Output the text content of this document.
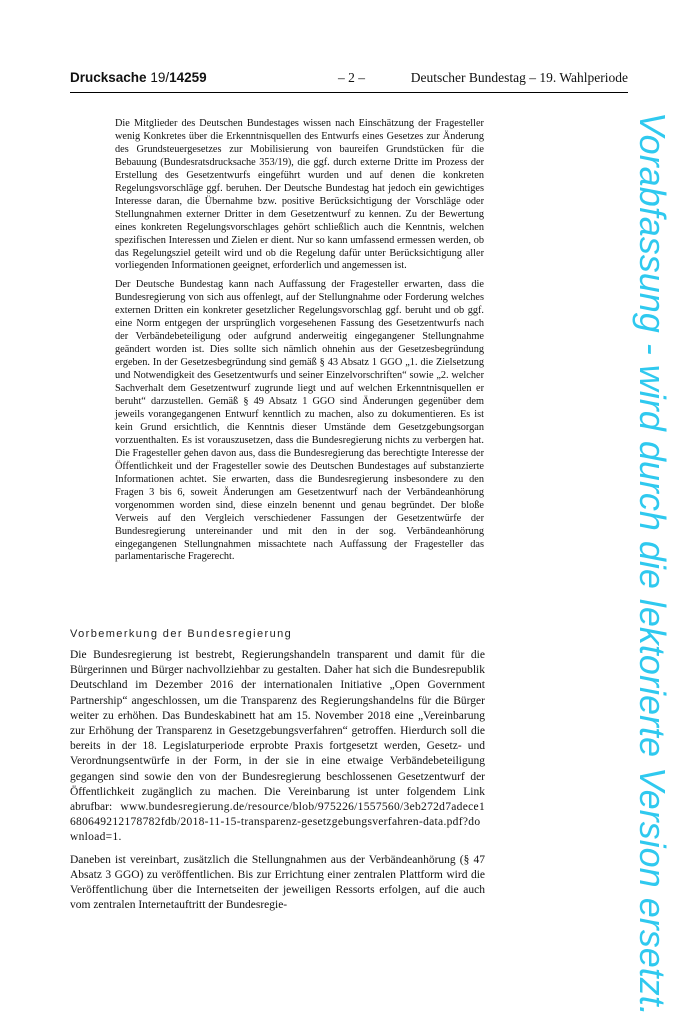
Drucksache 19/14259	– 2 –	Deutscher Bundestag – 19. Wahlperiode

Die Mitglieder des Deutschen Bundestages wissen nach Einschätzung der Fragesteller wenig Konkretes über die Erkenntnisquellen des Entwurfs eines Gesetzes zur Änderung des Grundsteuergesetzes zur Mobilisierung von baureifen Grundstücken für die Bebauung (Bundesratsdrucksache 353/19), die ggf. durch externe Dritte im Prozess der Erstellung des Gesetzentwurfs eingeführt wurden und auf denen die konkreten Regelungsvorschläge ggf. beruhen. Der Deutsche Bundestag hat jedoch ein gewichtiges Interesse daran, die Übernahme bzw. positive Berücksichtigung der Vorschläge oder Stellungnahmen externer Dritter in dem Gesetzentwurf zu kennen. Zu der Bewertung eines konkreten Regelungsvorschlages gehört schließlich auch die Kenntnis, welchen spezifischen Interessen und Zielen er dient. Nur so kann umfassend ermessen werden, ob das Regelungsziel geteilt wird und ob die Regelung dafür unter Berücksichtigung aller vorliegenden Informationen geeignet, erforderlich und angemessen ist.

Der Deutsche Bundestag kann nach Auffassung der Fragesteller erwarten, dass die Bundesregierung von sich aus offenlegt, auf der Stellungnahme oder Forderung welches externen Dritten ein konkreter gesetzlicher Regelungsvorschlag ggf. beruht und ob ggf. eine Norm entgegen der ursprünglich vorgesehenen Fassung des Gesetzentwurfs nach der Verbändebeteiligung oder aufgrund anderweitig eingegangener Stellungnahme geändert worden ist. Dies sollte sich nämlich ohnehin aus der Gesetzesbegründung ergeben. In der Gesetzesbegründung sind gemäß § 43 Absatz 1 GGO „1. die Zielsetzung und Notwendigkeit des Gesetzentwurfs und seiner Einzelvorschriften“ sowie „2. welcher Sachverhalt dem Gesetzentwurf zugrunde liegt und auf welchen Erkenntnisquellen er beruht“ darzustellen. Gemäß § 49 Absatz 1 GGO sind Änderungen gegenüber dem jeweils vorangegangenen Entwurf kenntlich zu machen, also zu dokumentieren. Es ist kein Grund ersichtlich, die Kenntnis dieser Umstände dem Gesetzgebungsorgan vorzuenthalten. Es ist vorauszusetzen, dass die Bundesregierung nichts zu verbergen hat. Die Fragesteller gehen davon aus, dass die Bundesregierung das berechtigte Interesse der Öffentlichkeit und der Fragesteller sowie des Deutschen Bundestages auf substanzierte Informationen achtet. Sie erwarten, dass die Bundesregierung insbesondere zu den Fragen 3 bis 6, soweit Änderungen am Gesetzentwurf nach der Verbändeanhörung vorgenommen worden sind, diese einzeln benennt und genau begründet. Der bloße Verweis auf den Vergleich verschiedener Fassungen der Gesetzentwürfe der Bundesregierung untereinander und mit den in der sog. Verbändeanhörung eingegangenen Stellungnahmen missachtete nach Auffassung der Fragesteller das parlamentarische Fragerecht.

Vorbemerkung der Bundesregierung

Die Bundesregierung ist bestrebt, Regierungshandeln transparent und damit für die Bürgerinnen und Bürger nachvollziehbar zu gestalten. Daher hat sich die Bundesrepublik Deutschland im Dezember 2016 der internationalen Initiative „Open Government Partnership“ angeschlossen, um die Transparenz des Regierungshandelns für die Bürger weiter zu erhöhen. Das Bundeskabinett hat am 15. November 2018 eine „Vereinbarung zur Erhöhung der Transparenz in Gesetzgebungsverfahren“ getroffen. Hierdurch soll die bereits in der 18. Legislaturperiode erprobte Praxis fortgesetzt werden, Gesetz- und Verordnungsentwürfe in der Form, in der sie in eine etwaige Verbändebeteiligung gegangen sind sowie den von der Bundesregierung beschlossenen Gesetzentwurf der Öffentlichkeit zugänglich zu machen. Die Vereinbarung ist unter folgendem Link abrufbar: www.bundesregierung.de/resource/blob/975226/1557560/3eb272d7adece1680649212178782fdb/2018-11-15-transparenz-gesetzgebungsverfahren-data.pdf?download=1.

Daneben ist vereinbart, zusätzlich die Stellungnahmen aus der Verbändeanhörung (§ 47 Absatz 3 GGO) zu veröffentlichen. Bis zur Errichtung einer zentralen Plattform wird die Veröffentlichung über die Internetseiten der jeweiligen Ressorts erfolgen, auf die auch vom zentralen Internetauftritt der Bundesregie-	Vorabfassung - wird durch die lektorierte Version ersetzt.
